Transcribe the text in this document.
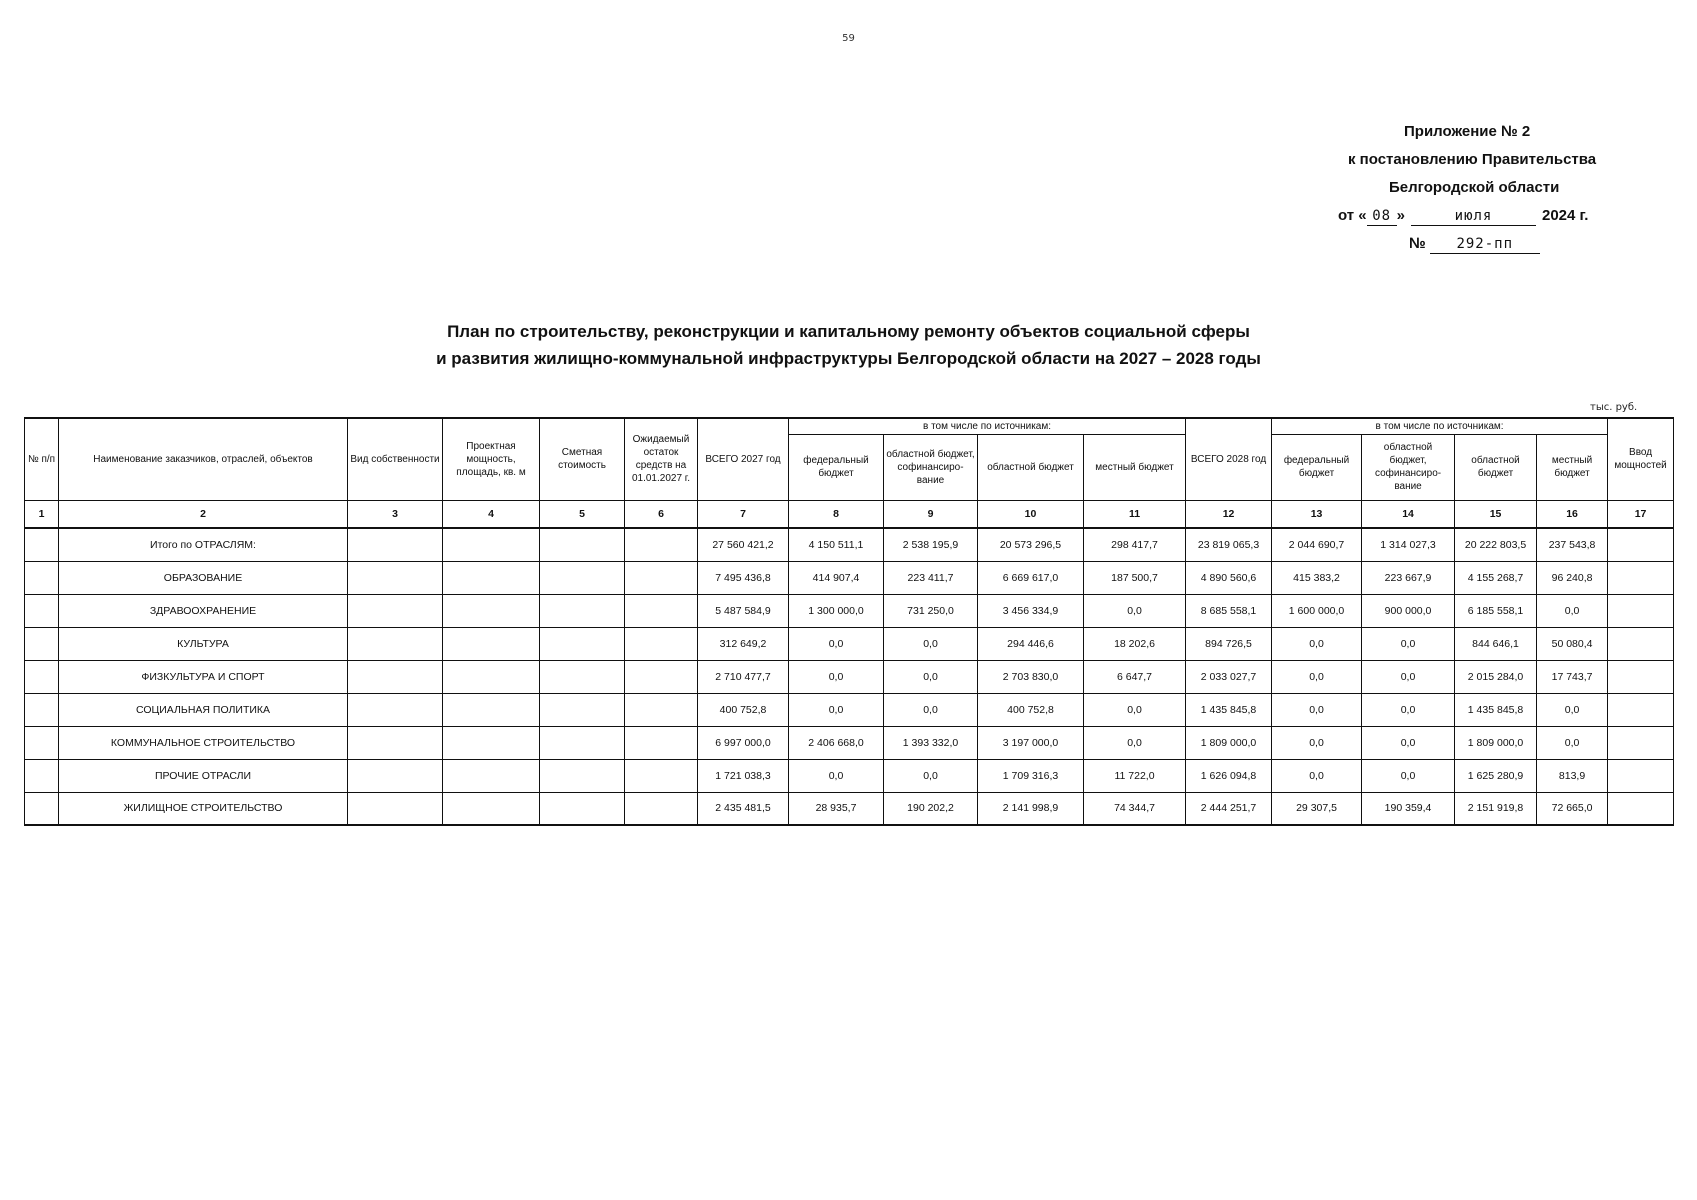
59
Приложение № 2
к постановлению Правительства
Белгородской области
от « 08 »	июля	2024 г.
№ 292-пп
План по строительству, реконструкции и капитальному ремонту объектов социальной сферы
и развития жилищно-коммунальной инфраструктуры Белгородской области на 2027 – 2028 годы
тыс. руб.
№ п/п	Наименование заказчиков, отраслей, объектов	Вид собственности	Проектная мощность, площадь, кв. м	Сметная стоимость	Ожидаемый остаток средств на 01.01.2027 г.	ВСЕГО 2027 год	в том числе по источникам:				ВСЕГО 2028 год	в том числе по источникам:				Ввод мощностей
							федеральный бюджет	областной бюджет, софинансиро-вание	областной бюджет	местный бюджет		федеральный бюджет	областной бюджет, софинансиро-вание	областной бюджет	местный бюджет	
1	2	3	4	5	6	7	8	9	10	11	12	13	14	15	16	17
	Итого по ОТРАСЛЯМ:					27 560 421,2	4 150 511,1	2 538 195,9	20 573 296,5	298 417,7	23 819 065,3	2 044 690,7	1 314 027,3	20 222 803,5	237 543,8	
	ОБРАЗОВАНИЕ					7 495 436,8	414 907,4	223 411,7	6 669 617,0	187 500,7	4 890 560,6	415 383,2	223 667,9	4 155 268,7	96 240,8	
	ЗДРАВООХРАНЕНИЕ					5 487 584,9	1 300 000,0	731 250,0	3 456 334,9	0,0	8 685 558,1	1 600 000,0	900 000,0	6 185 558,1	0,0	
	КУЛЬТУРА					312 649,2	0,0	0,0	294 446,6	18 202,6	894 726,5	0,0	0,0	844 646,1	50 080,4	
	ФИЗКУЛЬТУРА И СПОРТ					2 710 477,7	0,0	0,0	2 703 830,0	6 647,7	2 033 027,7	0,0	0,0	2 015 284,0	17 743,7	
	СОЦИАЛЬНАЯ ПОЛИТИКА					400 752,8	0,0	0,0	400 752,8	0,0	1 435 845,8	0,0	0,0	1 435 845,8	0,0	
	КОММУНАЛЬНОЕ СТРОИТЕЛЬСТВО					6 997 000,0	2 406 668,0	1 393 332,0	3 197 000,0	0,0	1 809 000,0	0,0	0,0	1 809 000,0	0,0	
	ПРОЧИЕ ОТРАСЛИ					1 721 038,3	0,0	0,0	1 709 316,3	11 722,0	1 626 094,8	0,0	0,0	1 625 280,9	813,9	
	ЖИЛИЩНОЕ СТРОИТЕЛЬСТВО					2 435 481,5	28 935,7	190 202,2	2 141 998,9	74 344,7	2 444 251,7	29 307,5	190 359,4	2 151 919,8	72 665,0	
